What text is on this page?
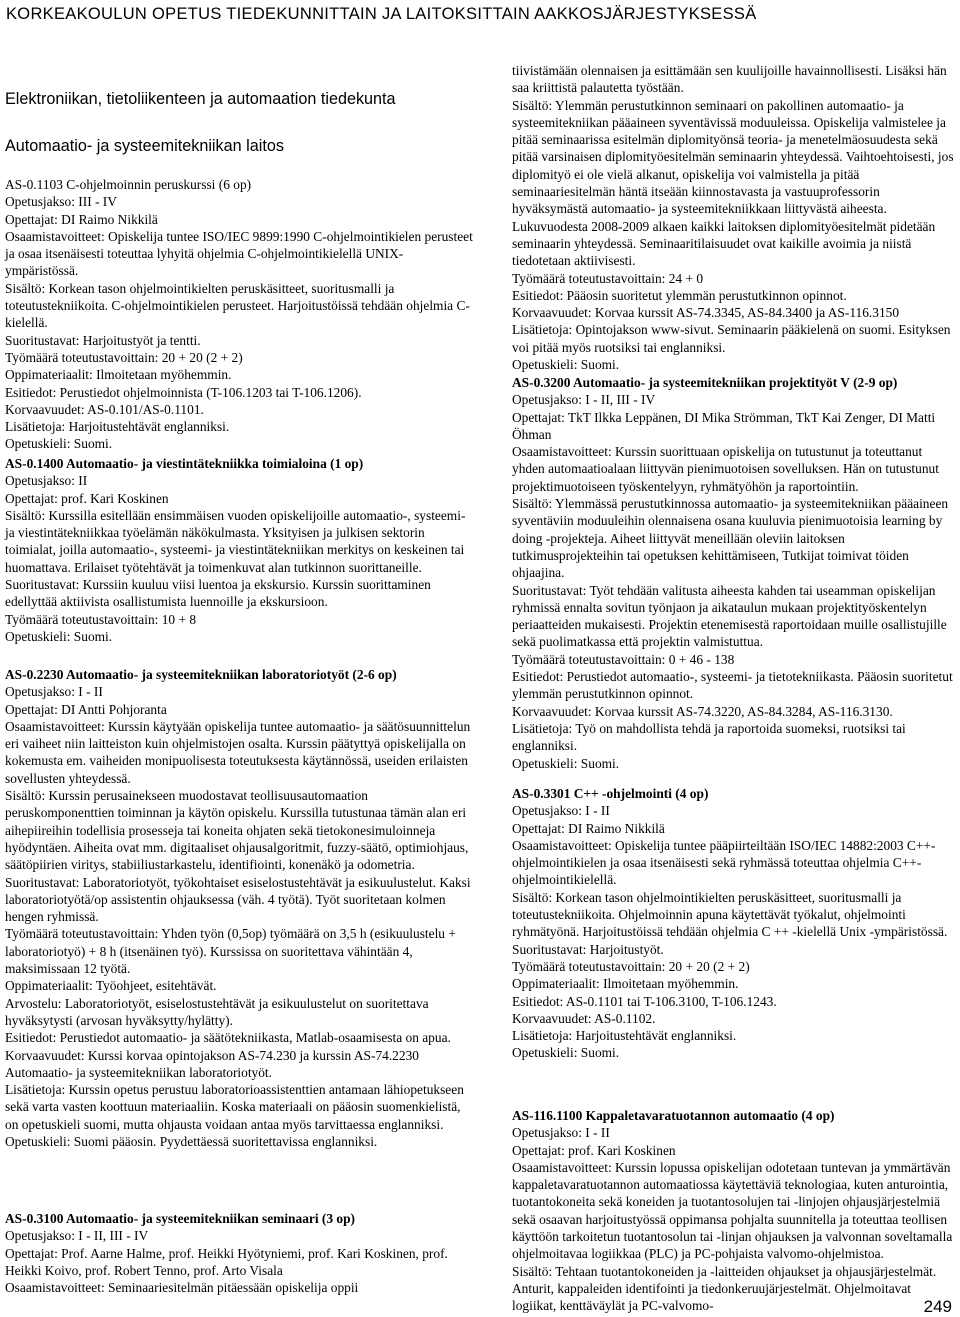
KORKEAKOULUN OPETUS TIEDEKUNNITTAIN JA LAITOKSITTAIN AAKKOSJÄRJESTYKSESSÄ
Elektroniikan, tietoliikenteen ja automaation tiedekunta
Automaatio- ja systeemitekniikan laitos

AS-0.1103 C-ohjelmoinnin peruskurssi (6 op)

Opetusjakso: III - IV

Opettajat: DI Raimo Nikkilä

Osaamistavoitteet: Opiskelija tuntee ISO/IEC 9899:1990 C-ohjelmointikielen perusteet ja osaa itsenäisesti toteuttaa lyhyitä ohjelmia C-ohjelmointikielellä UNIX-ympäristössä.

Sisältö: Korkean tason ohjelmointikielten peruskäsitteet, suoritusmalli ja toteutustekniikoita. C-ohjelmointikielen perusteet. Harjoitustöissä tehdään ohjelmia C-kielellä.

Suoritustavat: Harjoitustyöt ja tentti.

Työmäärä toteutustavoittain: 20 + 20 (2 + 2)

Oppimateriaalit: Ilmoitetaan myöhemmin.

Esitiedot: Perustiedot ohjelmoinnista (T-106.1203 tai T-106.1206).

Korvaavuudet: AS-0.101/AS-0.1101.

Lisätietoja: Harjoitustehtävät englanniksi.

Opetuskieli: Suomi.

AS-0.1400 Automaatio- ja viestintätekniikka toimialoina (1 op)

Opetusjakso: II

Opettajat: prof. Kari Koskinen

Sisältö: Kurssilla esitellään ensimmäisen vuoden opiskelijoille automaatio-, systeemi- ja viestintätekniikkaa työelämän näkökulmasta. Yksityisen ja julkisen sektorin toimialat, joilla automaatio-, systeemi- ja viestintätekniikan merkitys on keskeinen tai huomattava. Erilaiset työtehtävät ja toimenkuvat alan tutkinnon suorittaneille.

Suoritustavat: Kurssiin kuuluu viisi luentoa ja ekskursio. Kurssin suorittaminen edellyttää aktiivista osallistumista luennoille ja ekskursioon.

Työmäärä toteutustavoittain: 10 + 8

Opetuskieli: Suomi.

AS-0.2230 Automaatio- ja systeemitekniikan laboratoriotyöt (2-6 op)

Opetusjakso: I - II

Opettajat: DI Antti Pohjoranta

Osaamistavoitteet: Kurssin käytyään opiskelija tuntee automaatio- ja säätösuunnittelun eri vaiheet niin laitteiston kuin ohjelmistojen osalta. Kurssin päätyttyä opiskelijalla on kokemusta em. vaiheiden monipuolisesta toteutuksesta käytännössä, useiden erilaisten sovellusten yhteydessä.

Sisältö: Kurssin perusainekseen muodostavat teollisuusautomaation peruskomponenttien toiminnan ja käytön opiskelu. Kurssilla tutustunaa tämän alan eri aihepiireihin todellisia prosesseja tai koneita ohjaten sekä tietokonesimuloinneja hyödyntäen. Aiheita ovat mm. digitaaliset ohjausalgoritmit, fuzzy-säätö, optimiohjaus, säätöpiirien viritys, stabiiliustarkastelu, identifiointi, konenäkö ja odometria.

Suoritustavat: Laboratoriotyöt, työkohtaiset esiselostustehtävät ja esikuulustelut. Kaksi laboratoriotyötä/op assistentin ohjauksessa (väh. 4 työtä). Työt suoritetaan kolmen hengen ryhmissä.

Työmäärä toteutustavoittain: Yhden työn (0,5op) työmäärä on 3,5 h (esikuulustelu + laboratoriotyö) + 8 h (itsenäinen työ). Kurssissa on suoritettava vähintään 4, maksimissaan 12 työtä.

Oppimateriaalit: Työohjeet, esitehtävät.

Arvostelu: Laboratoriotyöt, esiselostustehtävät ja esikuulustelut on suoritettava hyväksytysti (arvosan hyväksytty/hylätty).

Esitiedot: Perustiedot automaatio- ja säätötekniikasta, Matlab-osaamisesta on apua.

Korvaavuudet: Kurssi korvaa opintojakson AS-74.230 ja kurssin AS-74.2230 Automaatio- ja systeemitekniikan laboratoriotyöt.

Lisätietoja: Kurssin opetus perustuu laboratorioassistenttien antamaan lähiopetukseen sekä varta vasten koottuun materiaaliin. Koska materiaali on pääosin suomenkielistä, on opetuskieli suomi, mutta ohjausta voidaan antaa myös tarvittaessa englanniksi.

Opetuskieli: Suomi pääosin. Pyydettäessä suoritettavissa englanniksi.

AS-0.3100 Automaatio- ja systeemitekniikan seminaari (3 op)

Opetusjakso: I - II, III - IV

Opettajat: Prof. Aarne Halme, prof. Heikki Hyötyniemi, prof. Kari Koskinen, prof. Heikki Koivo, prof. Robert Tenno, prof. Arto Visala

Osaamistavoitteet: Seminaariesitelmän pitäessään opiskelija oppii

tiivistämään olennaisen ja esittämään sen kuulijoille havainnollisesti. Lisäksi hän saa kriittistä palautetta työstään.

Sisältö: Ylemmän perustutkinnon seminaari on pakollinen automaatio- ja systeemitekniikan pääaineen syventävissä moduuleissa. Opiskelija valmistelee ja pitää seminaarissa esitelmän diplomityönsä teoria- ja menetelmäosuudesta sekä pitää varsinaisen diplomityöesitelmän seminaarin yhteydessä. Vaihtoehtoisesti, jos diplomityö ei ole vielä alkanut, opiskelija voi valmistella ja pitää seminaariesitelmän häntä itseään kiinnostavasta ja vastuuprofessorin hyväksymästä automaatio- ja systeemitekniikkaan liittyvästä aiheesta. Lukuvuodesta 2008-2009 alkaen kaikki laitoksen diplomityöesitelmät pidetään seminaarin yhteydessä. Seminaaritilaisuudet ovat kaikille avoimia ja niistä tiedotetaan aktiivisesti.

Työmäärä toteutustavoittain: 24 + 0

Esitiedot: Pääosin suoritetut ylemmän perustutkinnon opinnot.

Korvaavuudet: Korvaa kurssit AS-74.3345, AS-84.3400 ja AS-116.3150

Lisätietoja: Opintojakson www-sivut. Seminaarin pääkielenä on suomi. Esityksen voi pitää myös ruotsiksi tai englanniksi.

Opetuskieli: Suomi.

AS-0.3200 Automaatio- ja systeemitekniikan projektityöt V (2-9 op)

Opetusjakso: I - II, III - IV

Opettajat: TkT Ilkka Leppänen, DI Mika Strömman, TkT Kai Zenger, DI Matti Öhman

Osaamistavoitteet: Kurssin suorittuaan opiskelija on tutustunut ja toteuttanut yhden automaatioalaan liittyvän pienimuotoisen sovelluksen. Hän on tutustunut projektimuotoiseen työskentelyyn, ryhmätyöhön ja raportointiin.

Sisältö: Ylemmässä perustutkinnossa automaatio- ja systeemitekniikan pääaineen syventäviin moduuleihin olennaisena osana kuuluvia pienimuotoisia learning by doing -projekteja. Aiheet liittyvät meneillään oleviin laitoksen tutkimusprojekteihin tai opetuksen kehittämiseen, Tutkijat toimivat töiden ohjaajina.

Suoritustavat: Työt tehdään valitusta aiheesta kahden tai useamman opiskelijan ryhmissä ennalta sovitun työnjaon ja aikataulun mukaan projektityöskentelyn periaatteiden mukaisesti. Projektin etenemisestä raportoidaan muille osallistujille sekä puolimatkassa että projektin valmistuttua.

Työmäärä toteutustavoittain: 0 + 46 - 138

Esitiedot: Perustiedot automaatio-, systeemi- ja tietotekniikasta. Pääosin suoritetut ylemmän perustutkinnon opinnot.

Korvaavuudet: Korvaa kurssit AS-74.3220, AS-84.3284, AS-116.3130.

Lisätietoja: Työ on mahdollista tehdä ja raportoida suomeksi, ruotsiksi tai englanniksi.

Opetuskieli: Suomi.

AS-0.3301 C++ -ohjelmointi (4 op)

Opetusjakso: I - II

Opettajat: DI Raimo Nikkilä

Osaamistavoitteet: Opiskelija tuntee pääpiirteiltään ISO/IEC 14882:2003 C++-ohjelmointikielen ja osaa itsenäisesti sekä ryhmässä toteuttaa ohjelmia C++-ohjelmointikielellä.

Sisältö: Korkean tason ohjelmointikielten peruskäsitteet, suoritusmalli ja toteutustekniikoita. Ohjelmoinnin apuna käytettävät työkalut, ohjelmointi ryhmätyönä. Harjoitustöissä tehdään ohjelmia C ++ -kielellä Unix -ympäristössä.

Suoritustavat: Harjoitustyöt.

Työmäärä toteutustavoittain: 20 + 20 (2 + 2)

Oppimateriaalit: Ilmoitetaan myöhemmin.

Esitiedot: AS-0.1101 tai T-106.3100, T-106.1243.

Korvaavuudet: AS-0.1102.

Lisätietoja: Harjoitustehtävät englanniksi.

Opetuskieli: Suomi.

AS-116.1100 Kappaletavaratuotannon automaatio (4 op)

Opetusjakso: I - II

Opettajat: prof. Kari Koskinen

Osaamistavoitteet: Kurssin lopussa opiskelijan odotetaan tuntevan ja ymmärtävän kappaletavaratuotannon automaatiossa käytettäviä teknologiaa, kuten anturointia, tuotantokoneita sekä koneiden ja tuotantosolujen tai -linjojen ohjausjärjestelmiä sekä osaavan harjoitustyössä oppimansa pohjalta suunnitella ja toteuttaa teollisen käyttöön tarkoitetun tuotantosolun tai -linjan ohjauksen ja valvonnan soveltamalla ohjelmoitavaa logiikkaa (PLC) ja PC-pohjaista valvomo-ohjelmistoa.

Sisältö: Tehtaan tuotantokoneiden ja -laitteiden ohjaukset ja ohjausjärjestelmät. Anturit, kappaleiden identifointi ja tiedonkeruujärjestelmät. Ohjelmoitavat logiikat, kenttäväylät ja PC-valvomo-	249
